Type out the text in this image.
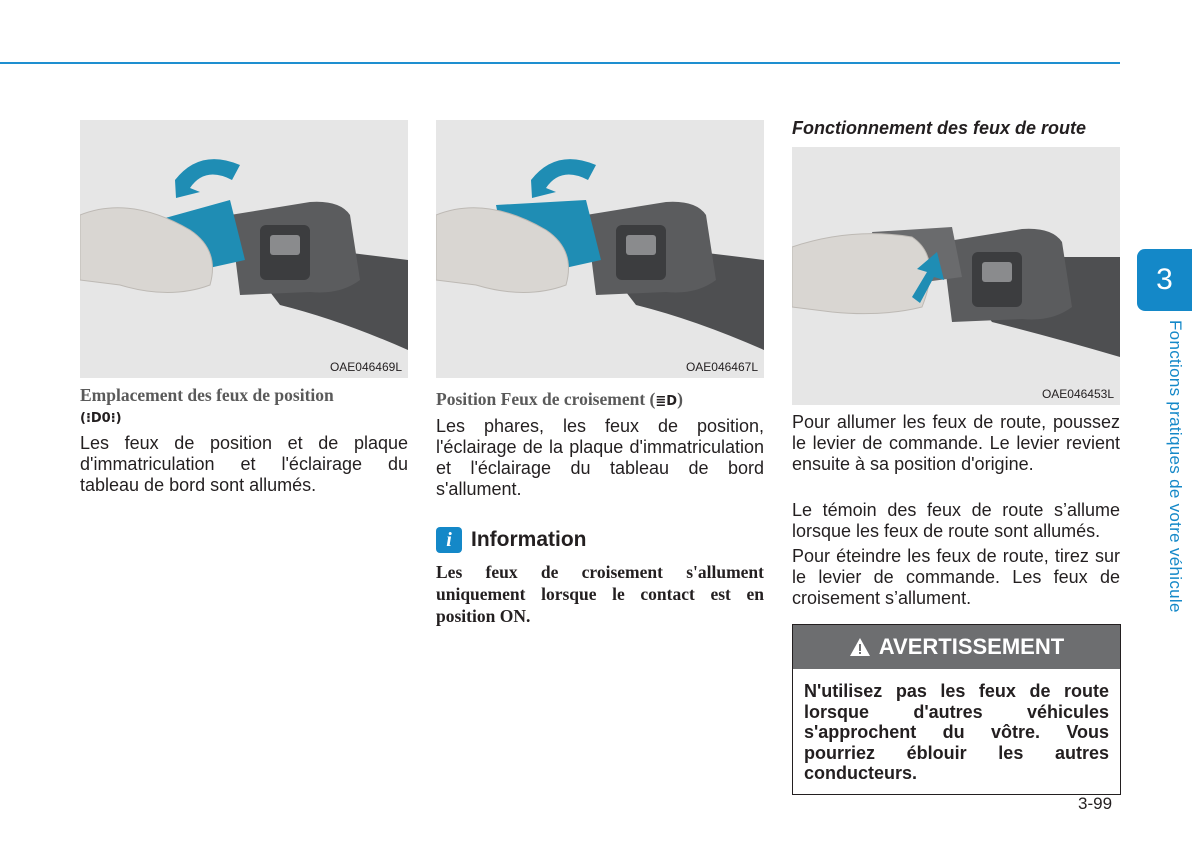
3
Fonctions pratiques de votre véhicule
OAE046469L
Emplacement des feux de position
(⁝D0⁝)

Les feux de position et de plaque d'immatriculation et l'éclairage du tableau de bord sont allumés.

OAE046467L
Position Feux de croisement (≣D)

Les phares, les feux de position, l'éclairage de la plaque d'immatriculation et l'éclairage du tableau de bord s'allument.

i Information
Les feux de croisement s'allument uniquement lorsque le contact est en position ON.
Fonctionnement des feux de route
OAE046453L

Pour allumer les feux de route, poussez le levier de commande. Le levier revient ensuite à sa position d'origine.

Le témoin des feux de route s’allume lorsque les feux de route sont allumés.

Pour éteindre les feux de route, tirez sur le levier de commande. Les feux de croisement s’allument.

AVERTISSEMENT
N'utilisez pas les feux de route lorsque d'autres véhicules s'approchent du vôtre. Vous pourriez éblouir les autres conducteurs.
3-99
